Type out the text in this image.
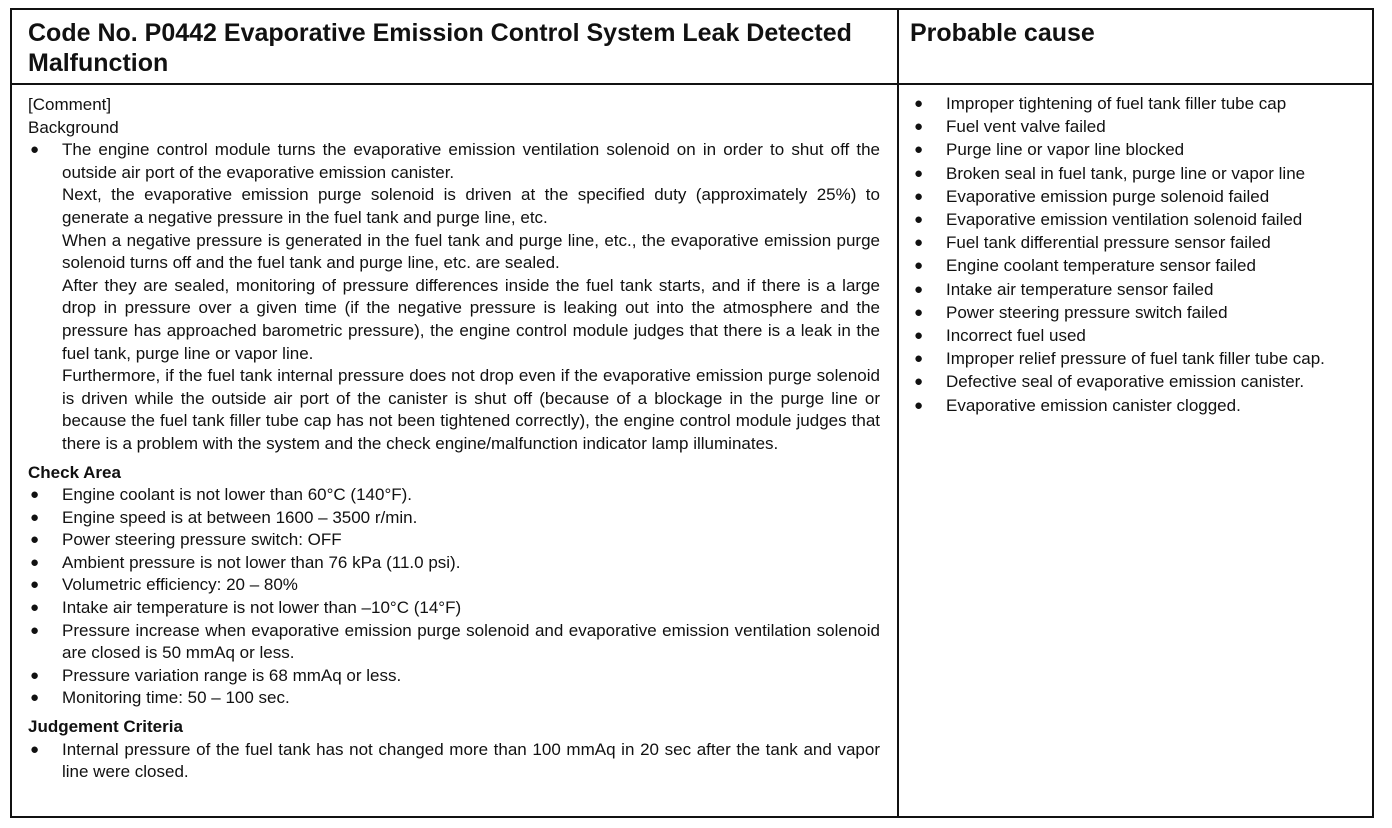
Code No. P0442 Evaporative Emission Control System Leak Detected Malfunction
Probable cause

[Comment]

Background

● The engine control module turns the evaporative emission ventilation solenoid on in order to shut off the outside air port of the evaporative emission canister.
Next, the evaporative emission purge solenoid is driven at the specified duty (approximately 25%) to generate a negative pressure in the fuel tank and purge line, etc.
When a negative pressure is generated in the fuel tank and purge line, etc., the evaporative emission purge solenoid turns off and the fuel tank and purge line, etc. are sealed.
After they are sealed, monitoring of pressure differences inside the fuel tank starts, and if there is a large drop in pressure over a given time (if the negative pressure is leaking out into the atmosphere and the pressure has approached barometric pressure), the engine control module judges that there is a leak in the fuel tank, purge line or vapor line.
Furthermore, if the fuel tank internal pressure does not drop even if the evaporative emission purge solenoid is driven while the outside air port of the canister is shut off (because of a blockage in the purge line or because the fuel tank filler tube cap has not been tightened correctly), the engine control module judges that there is a problem with the system and the check engine/malfunction indicator lamp illuminates.

Check Area

● Engine coolant is not lower than 60°C (140°F).
● Engine speed is at between 1600 – 3500 r/min.
● Power steering pressure switch: OFF
● Ambient pressure is not lower than 76 kPa (11.0 psi).
● Volumetric efficiency: 20 – 80%
● Intake air temperature is not lower than –10°C (14°F)
● Pressure increase when evaporative emission purge solenoid and evaporative emission ventilation solenoid are closed is 50 mmAq or less.
● Pressure variation range is 68 mmAq or less.
● Monitoring time: 50 – 100 sec.

Judgement Criteria

● Internal pressure of the fuel tank has not changed more than 100 mmAq in 20 sec after the tank and vapor line were closed.
● Improper tightening of fuel tank filler tube cap
● Fuel vent valve failed
● Purge line or vapor line blocked
● Broken seal in fuel tank, purge line or vapor line
● Evaporative emission purge solenoid failed
● Evaporative emission ventilation solenoid failed
● Fuel tank differential pressure sensor failed
● Engine coolant temperature sensor failed
● Intake air temperature sensor failed
● Power steering pressure switch failed
● Incorrect fuel used
● Improper relief pressure of fuel tank filler tube cap.
● Defective seal of evaporative emission canister.
● Evaporative emission canister clogged.
